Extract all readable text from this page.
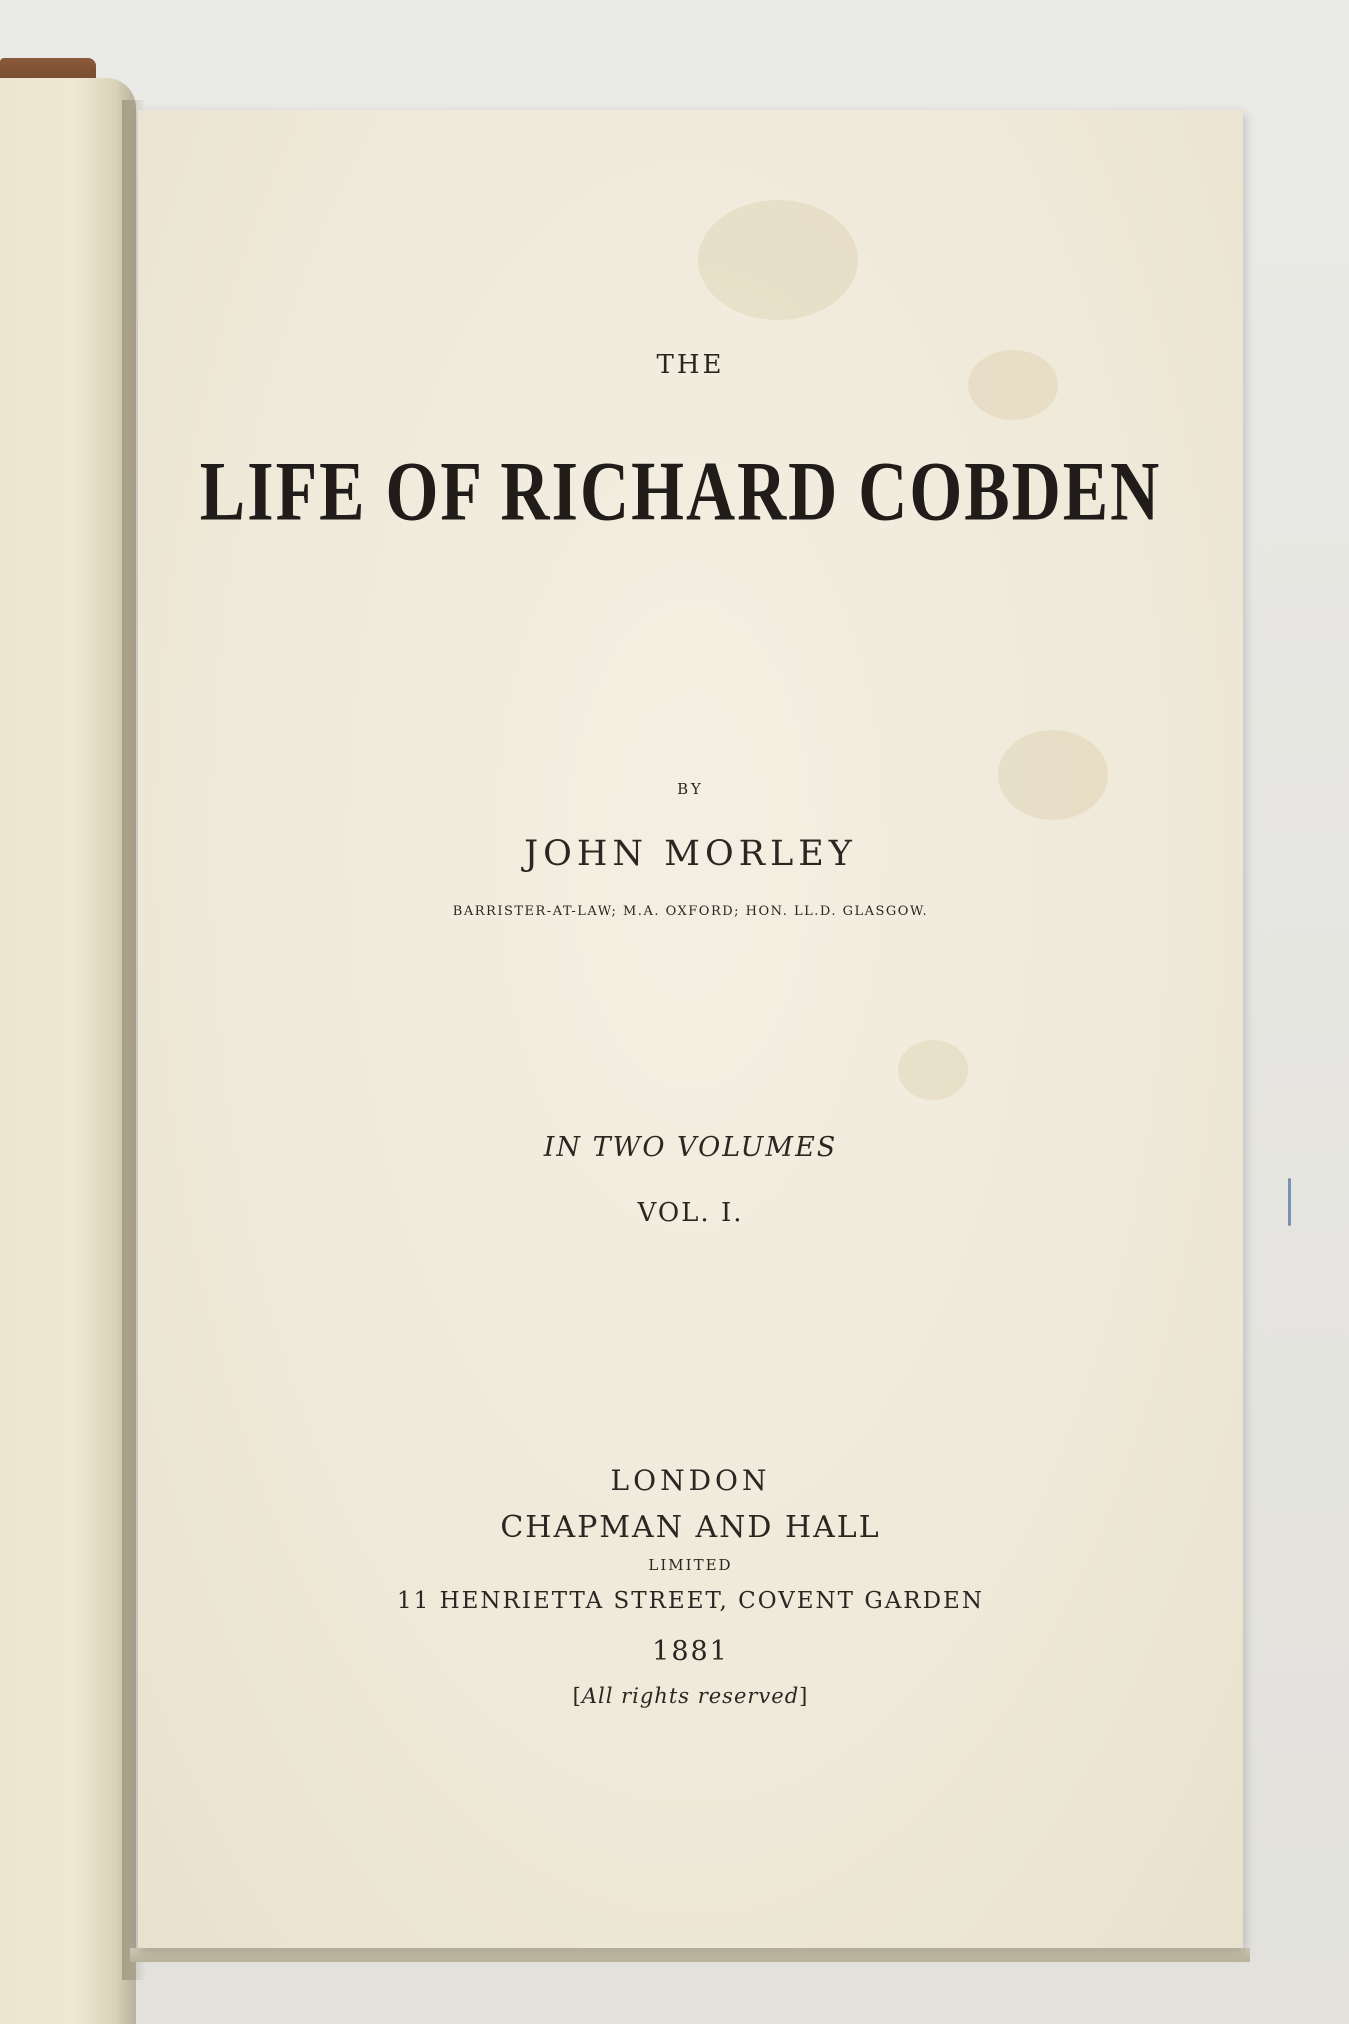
THE
LIFE OF RICHARD COBDEN
BY
JOHN MORLEY
BARRISTER-AT-LAW; M.A. OXFORD; HON. LL.D. GLASGOW.
IN TWO VOLUMES
VOL. I.
LONDON
CHAPMAN AND HALL
LIMITED
11 HENRIETTA STREET, COVENT GARDEN
1881
[All rights reserved]
